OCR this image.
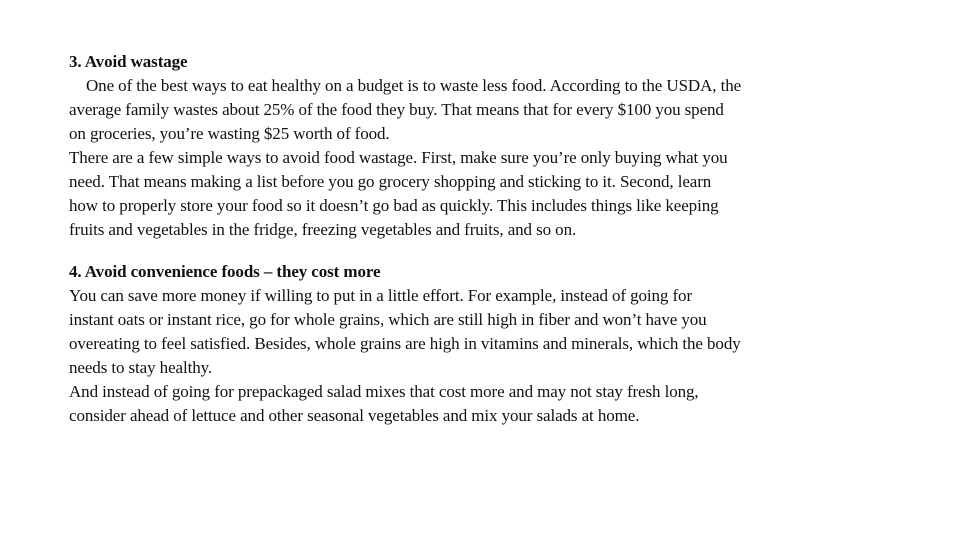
3. Avoid wastage
One of the best ways to eat healthy on a budget is to waste less food. According to the USDA, the
average family wastes about 25% of the food they buy. That means that for every $100 you spend
on groceries, you’re wasting $25 worth of food.
There are a few simple ways to avoid food wastage. First, make sure you’re only buying what you
need. That means making a list before you go grocery shopping and sticking to it. Second, learn
how to properly store your food so it doesn’t go bad as quickly. This includes things like keeping
fruits and vegetables in the fridge, freezing vegetables and fruits, and so on.
4. Avoid convenience foods – they cost more
You can save more money if willing to put in a little effort. For example, instead of going for
instant oats or instant rice, go for whole grains, which are still high in fiber and won’t have you
overeating to feel satisfied. Besides, whole grains are high in vitamins and minerals, which the body
needs to stay healthy.
And instead of going for prepackaged salad mixes that cost more and may not stay fresh long,
consider ahead of lettuce and other seasonal vegetables and mix your salads at home.
